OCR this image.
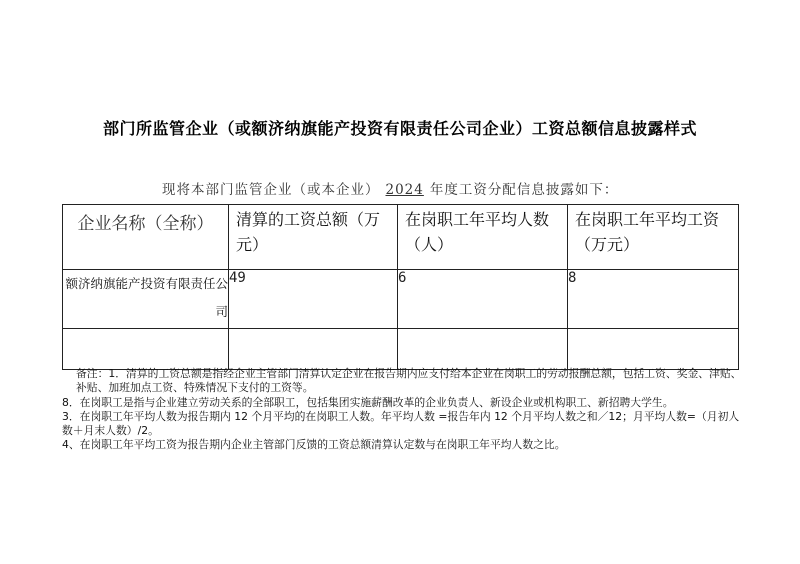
部门所监管企业（或额济纳旗能产投资有限责任公司企业）工资总额信息披露样式
现将本部门监管企业（或本企业） 2024 年度工资分配信息披露如下：
企业名称（全称）	清算的工资总额（万元）	在岗职工年平均人数（人）	在岗职工年平均工资（万元）
额济纳旗能产投资有限责任公司	49	6	8

备注：1．清算的工资总额是指经企业主管部门清算认定企业在报告期内应支付给本企业在岗职工的劳动报酬总额，包括工资、奖金、津贴、补贴、加班加点工资、特殊情况下支付的工资等。

8．在岗职工是指与企业建立劳动关系的全部职工，包括集团实施薪酬改革的企业负责人、新设企业或机构职工、新招聘大学生。

3．在岗职工年平均人数为报告期内 12 个月平均的在岗职工人数。年平均人数 =报告年内 12 个月平均人数之和／12；月平均人数=（月初人数＋月末人数）/2。

4、在岗职工年平均工资为报告期内企业主管部门反馈的工资总额清算认定数与在岗职工年平均人数之比。
